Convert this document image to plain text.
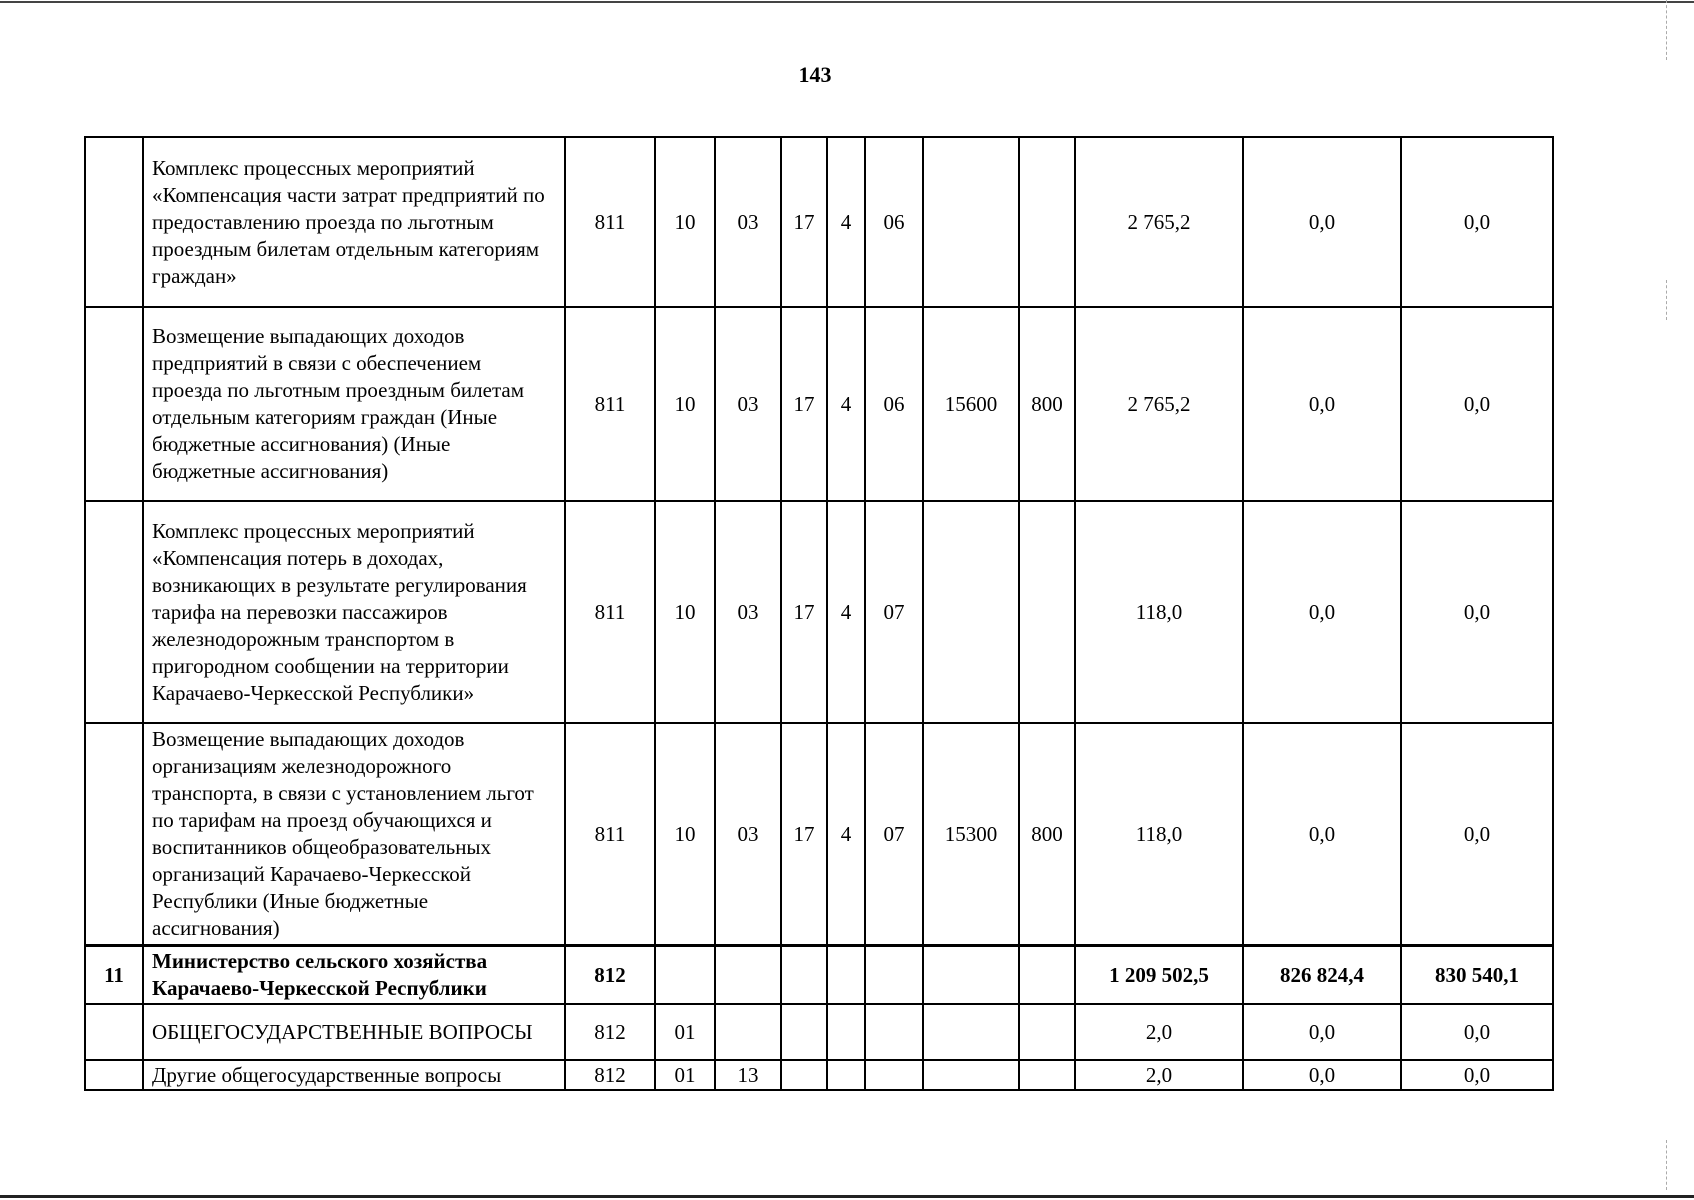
143
	Комплекс процессных мероприятий «Компенсация части затрат предприятий по предоставлению проезда по льготным проездным билетам отдельным категориям граждан»	811	10	03	17	4	06			2 765,2	0,0	0,0
	Возмещение выпадающих доходов предприятий в связи с обеспечением проезда по льготным проездным билетам отдельным категориям граждан (Иные бюджетные ассигнования) (Иные бюджетные ассигнования)	811	10	03	17	4	06	15600	800	2 765,2	0,0	0,0
	Комплекс процессных мероприятий «Компенсация потерь в доходах, возникающих в результате регулирования тарифа на перевозки пассажиров железнодорожным транспортом в пригородном сообщении на территории Карачаево-Черкесской Республики»	811	10	03	17	4	07			118,0	0,0	0,0
	Возмещение выпадающих доходов организациям железнодорожного транспорта, в связи с установлением льгот по тарифам на проезд обучающихся и воспитанников общеобразовательных организаций Карачаево-Черкесской Республики (Иные бюджетные ассигнования)	811	10	03	17	4	07	15300	800	118,0	0,0	0,0
11	Министерство сельского хозяйства Карачаево-Черкесской Республики	812								1 209 502,5	826 824,4	830 540,1
	ОБЩЕГОСУДАРСТВЕННЫЕ ВОПРОСЫ	812	01							2,0	0,0	0,0
	Другие общегосударственные вопросы	812	01	13						2,0	0,0	0,0
